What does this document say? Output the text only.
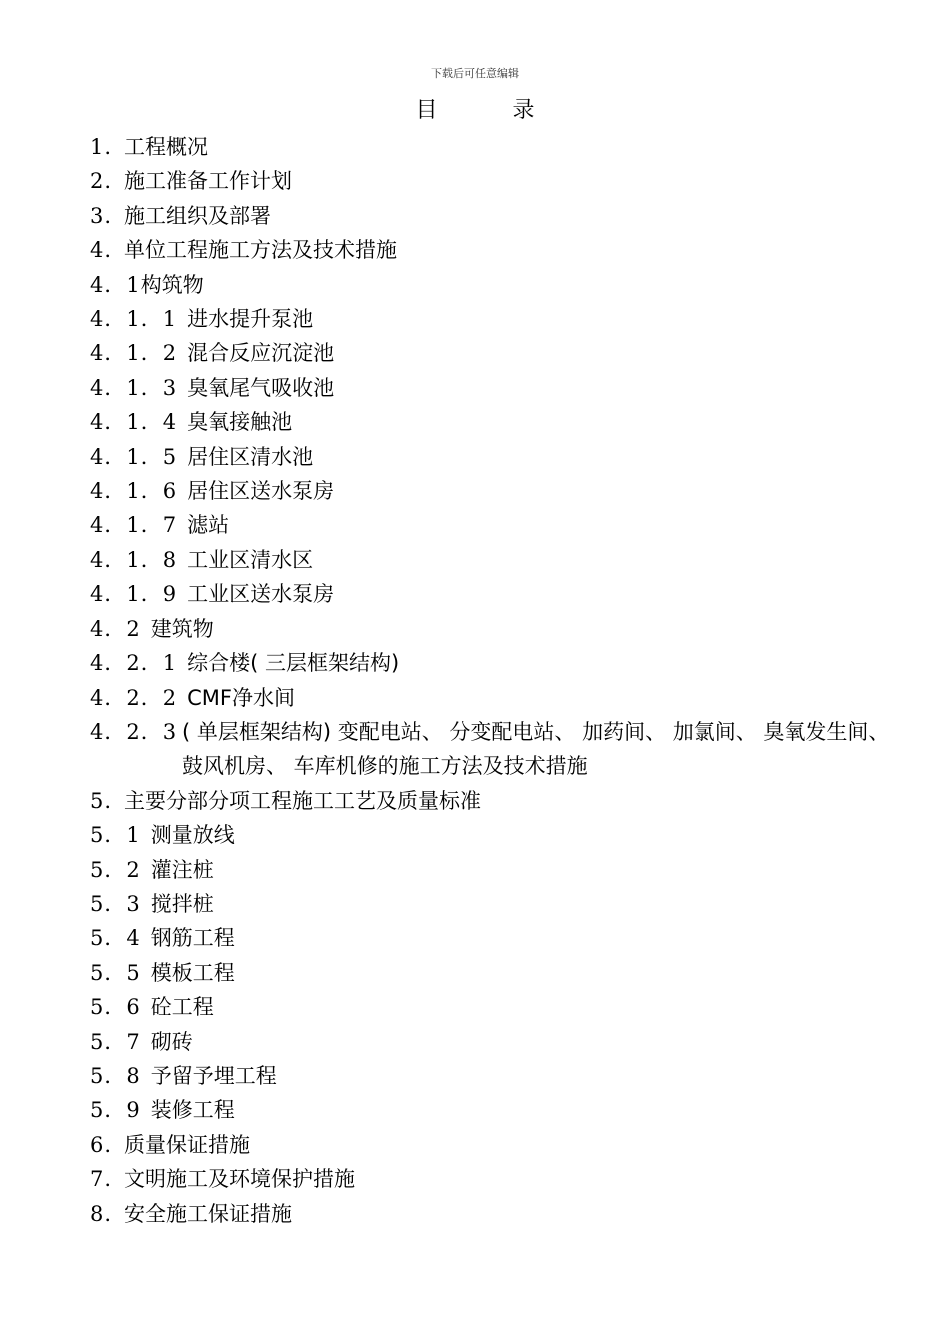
下载后可任意编辑
目 录
1. 工程概况
2. 施工准备工作计划
3. 施工组织及部署
4. 单位工程施工方法及技术措施
4．1 构筑物
4．1．1 进水提升泵池
4．1．2 混合反应沉淀池
4．1．3 臭氧尾气吸收池
4．1．4 臭氧接触池
4．1．5 居住区清水池
4．1．6 居住区送水泵房
4．1．7 滤站
4．1．8 工业区清水区
4．1．9 工业区送水泵房
4．2 建筑物
4．2．1 综合楼( 三层框架结构)
4．2．2 CMF净水间
4．2．3 ( 单层框架结构) 变配电站、 分变配电站、 加药间、 加氯间、 臭氧发生间、 鼓风机房、 车库机修的施工方法及技术措施
5. 主要分部分项工程施工工艺及质量标准
5．1 测量放线
5．2 灌注桩
5．3 搅拌桩
5．4 钢筋工程
5．5 模板工程
5．6 砼工程
5．7 砌砖
5．8 予留予埋工程
5．9 装修工程
6. 质量保证措施
7. 文明施工及环境保护措施
8. 安全施工保证措施
